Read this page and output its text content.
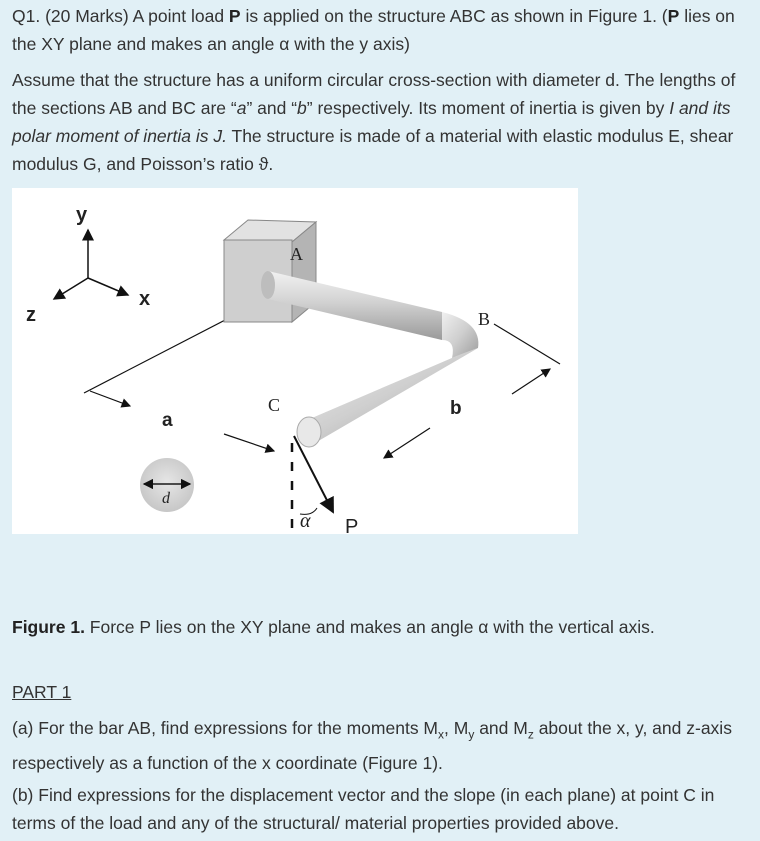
Q1. (20 Marks) A point load P is applied on the structure ABC as shown in Figure 1. (P lies on the XY plane and makes an angle α with the y axis)

Assume that the structure has a uniform circular cross-section with diameter d. The lengths of the sections AB and BC are “a” and “b” respectively. Its moment of inertia is given by I and its polar moment of inertia is J. The structure is made of a material with elastic modulus E, shear modulus G, and Poisson’s ratio ϑ.

y
x
z
a
b
A
B
C
α P
d
Figure 1. Force P lies on the XY plane and makes an angle α with the vertical axis.
PART 1

(a) For the bar AB, find expressions for the moments $M_x$, $M_y$ and $M_z$ about the x, y, and z-axis respectively as a function of the x coordinate (Figure 1).

(b) Find expressions for the displacement vector and the slope (in each plane) at point C in terms of the load and any of the structural/ material properties provided above.
